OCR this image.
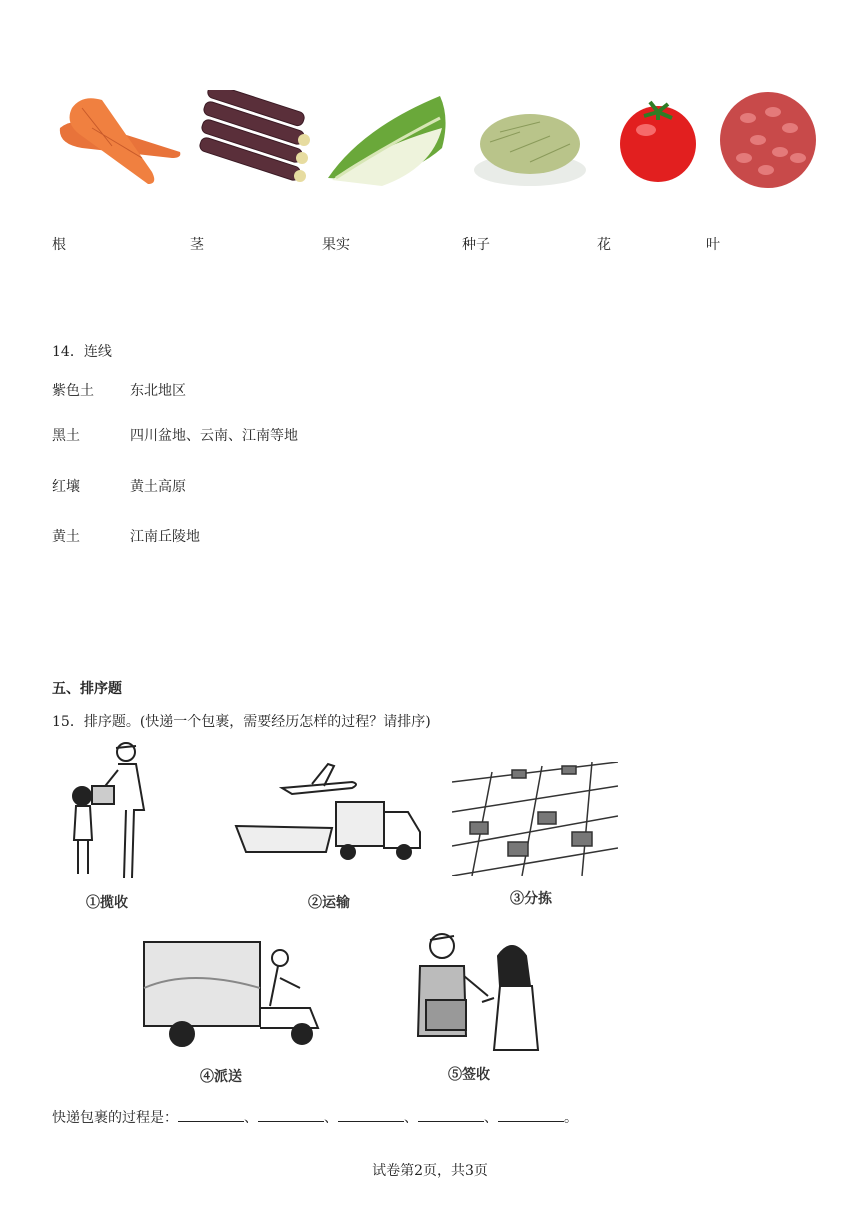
根	茎	果实	种子	花	叶
14．连线
紫色土	东北地区
黑土	四川盆地、云南、江南等地
红壤	黄土高原
黄土	江南丘陵地
五、排序题
15．排序题。(快递一个包裹，需要经历怎样的过程？请排序)
①揽收	②运输	③分拣
④派送	⑤签收
快递包裹的过程是：	、	、	、	、	。
试卷第2页，共3页
